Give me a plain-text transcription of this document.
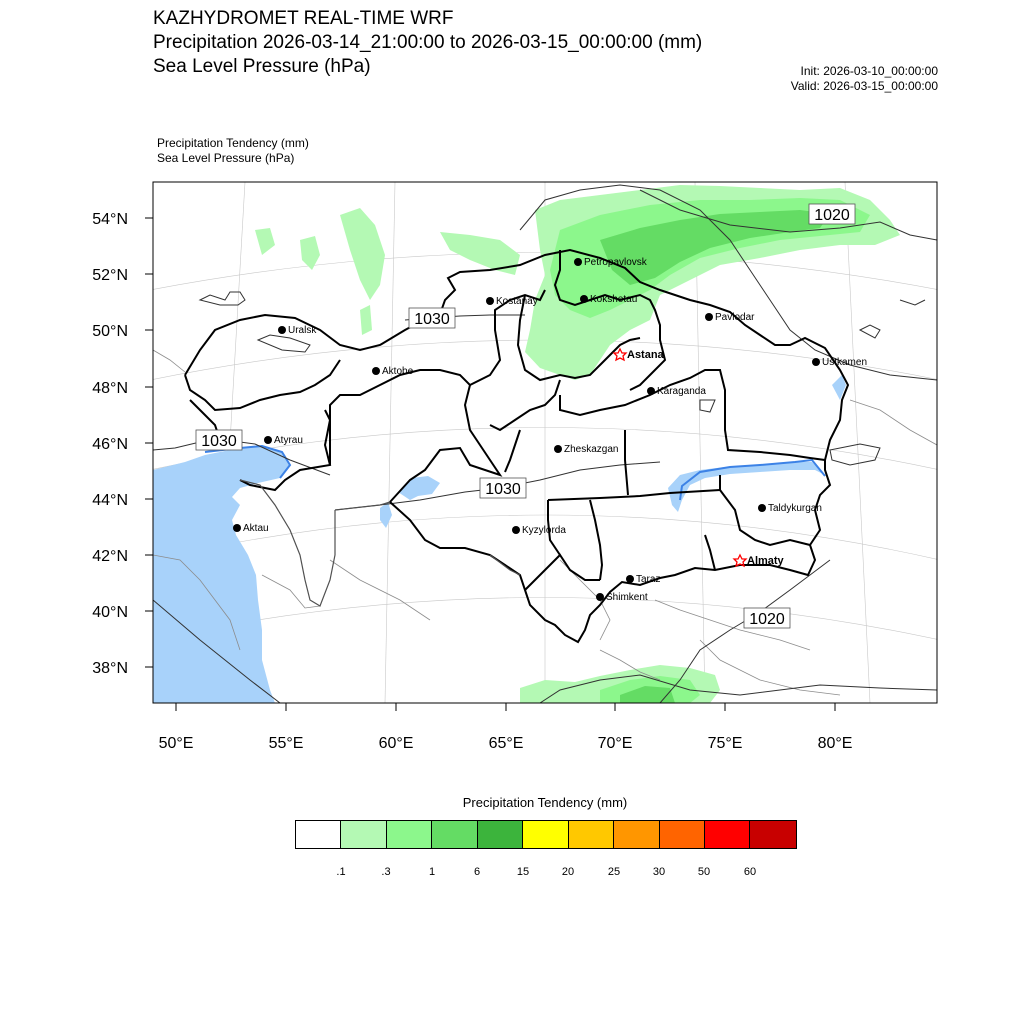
KAZHYDROMET REAL-TIME WRF
Precipitation 2026-03-14_21:00:00 to 2026-03-15_00:00:00 (mm)
Sea Level Pressure (hPa)	Init: 2026-03-10_00:00:00
Valid: 2026-03-15_00:00:00
Precipitation Tendency (mm)
Sea Level Pressure (hPa)
54°N
52°N
50°N
48°N
46°N
44°N
42°N
40°N
38°N
50°E	55°E	60°E	65°E	70°E	75°E	80°E
1020
1030
1030
1030
1020
Petropavlovsk
Kostanay	Kokshetau
Pavlodar
Uralsk
Astana
Aktobe
Ustkamen
Karaganda
Atyrau
Zheskazgan
Aktau	Kyzylorda
Taldykurgan
Almaty
Taraz
Shimkent
Precipitation Tendency (mm)
.1	.3	1	6	15	20	25	30	50	60
